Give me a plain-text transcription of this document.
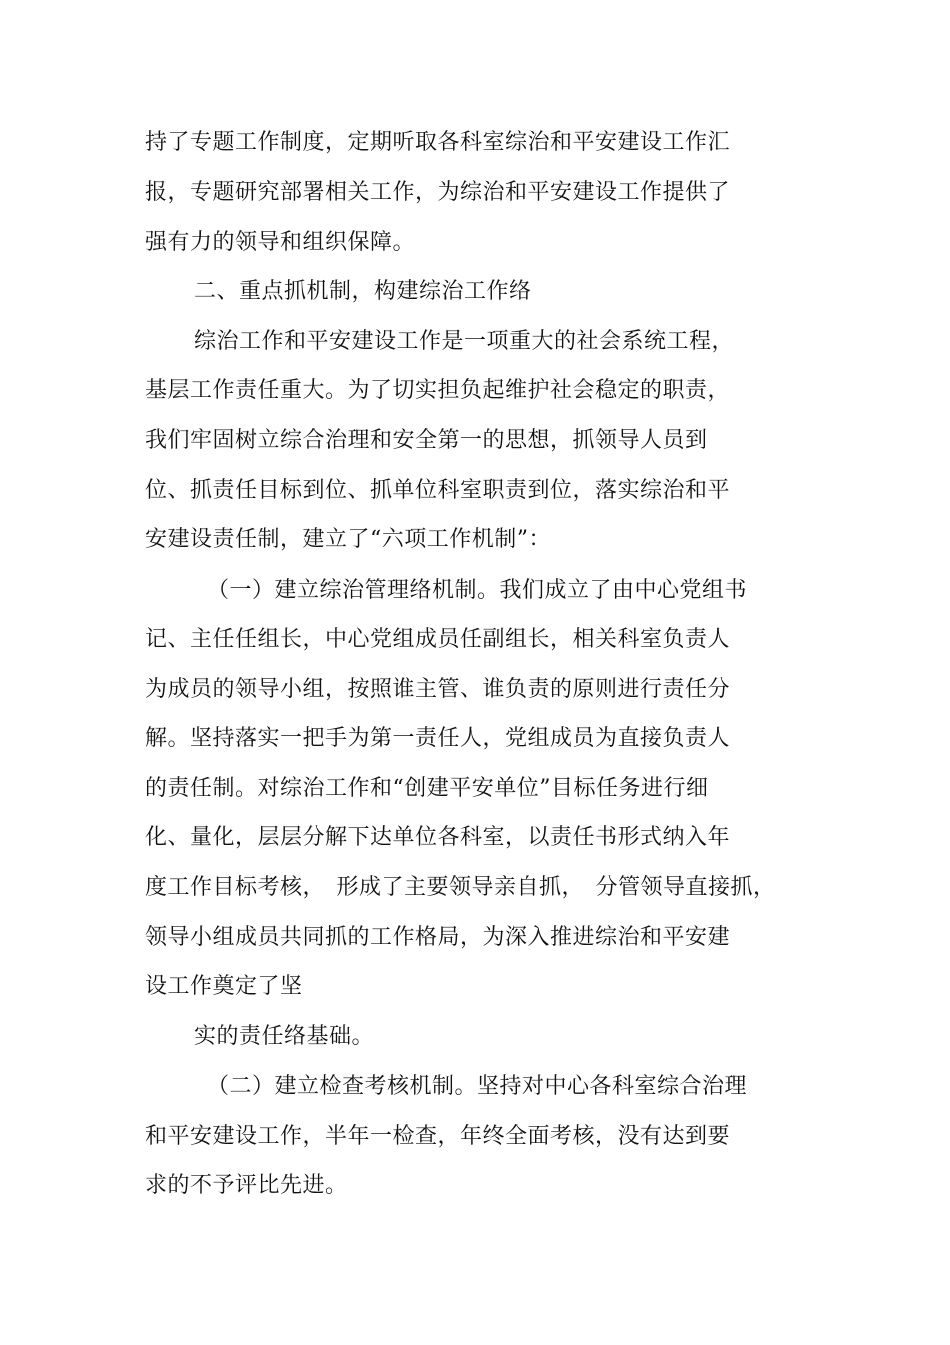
持了专题工作制度，定期听取各科室综治和平安建设工作汇
报，专题研究部署相关工作，为综治和平安建设工作提供了
强有力的领导和组织保障。
二、重点抓机制，构建综治工作络
综治工作和平安建设工作是一项重大的社会系统工程，
基层工作责任重大。为了切实担负起维护社会稳定的职责，
我们牢固树立综合治理和安全第一的思想，抓领导人员到
位、抓责任目标到位、抓单位科室职责到位，落实综治和平
安建设责任制，建立了“六项工作机制”：
（一）建立综治管理络机制。我们成立了由中心党组书
记、主任任组长，中心党组成员任副组长，相关科室负责人
为成员的领导小组，按照谁主管、谁负责的原则进行责任分
解。坚持落实一把手为第一责任人，党组成员为直接负责人
的责任制。对综治工作和“创建平安单位”目标任务进行细
化、量化，层层分解下达单位各科室，以责任书形式纳入年
度工作目标考核，　形成了主要领导亲自抓，　分管领导直接抓，
领导小组成员共同抓的工作格局，为深入推进综治和平安建
设工作奠定了坚
实的责任络基础。
（二）建立检查考核机制。坚持对中心各科室综合治理
和平安建设工作，半年一检查，年终全面考核，没有达到要
求的不予评比先进。
